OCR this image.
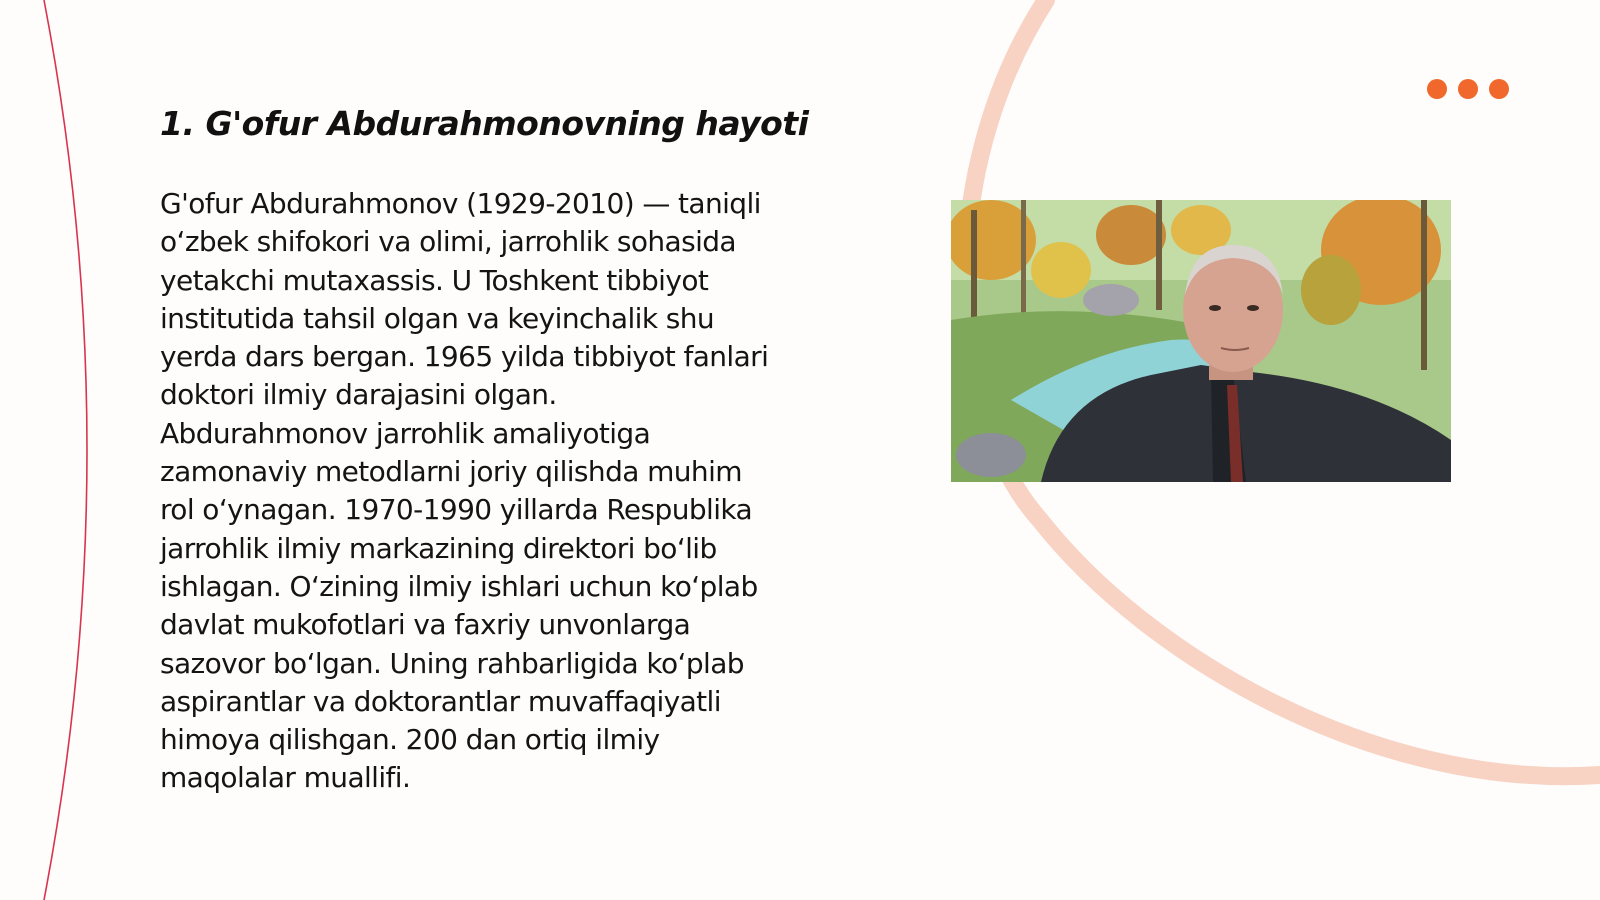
1. G'ofur Abdurahmonovning hayoti

G'ofur Abdurahmonov (1929-2010) — taniqli
o‘zbek shifokori va olimi, jarrohlik sohasida
yetakchi mutaxassis. U Toshkent tibbiyot
institutida tahsil olgan va keyinchalik shu
yerda dars bergan. 1965 yilda tibbiyot fanlari
doktori ilmiy darajasini olgan.
Abdurahmonov jarrohlik amaliyotiga
zamonaviy metodlarni joriy qilishda muhim
rol o‘ynagan. 1970-1990 yillarda Respublika
jarrohlik ilmiy markazining direktori bo‘lib
ishlagan. O‘zining ilmiy ishlari uchun ko‘plab
davlat mukofotlari va faxriy unvonlarga
sazovor bo‘lgan. Uning rahbarligida ko‘plab
aspirantlar va doktorantlar muvaffaqiyatli
himoya qilishgan. 200 dan ortiq ilmiy
maqolalar muallifi.
